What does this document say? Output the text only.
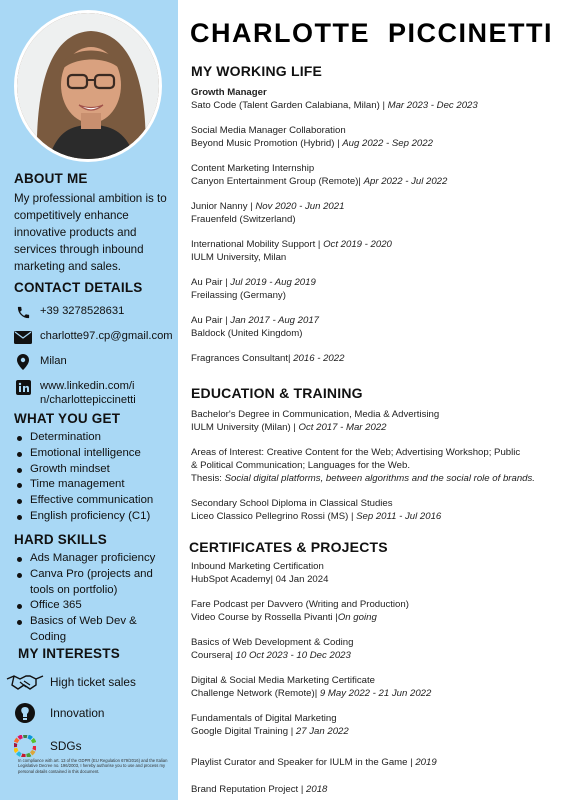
ABOUT ME

My professional ambition is to competitively enhance innovative products and services through inbound marketing and sales.

CONTACT DETAILS
+39 3278528631
charlotte97.cp@gmail.com
Milan
www.linkedin.com/i
n/charlottepiccinetti
WHAT YOU GET
Determination
Emotional intelligence
Growth mindset
Time management
Effective communication
English proficiency (C1)
HARD SKILLS
Ads Manager proficiency
Canva Pro (projects and tools on portfolio)
Office 365
Basics of Web Dev & Coding
MY INTERESTS
High ticket sales
Innovation
SDGs
In compliance with art. 13 of the GDPR (EU Regulation 679/2016) and the Italian Legislative Decree no. 196/2003, I hereby authorise you to use and process my personal details contained in this document.
CHARLOTTE  PICCINETTI
MY WORKING LIFE
Growth Manager
Sato Code (Talent Garden Calabiana, Milan) | Mar 2023 - Dec 2023
Social Media Manager Collaboration
Beyond Music Promotion (Hybrid) | Aug 2022 - Sep 2022
Content Marketing Internship
Canyon Entertainment Group (Remote)| Apr 2022 - Jul 2022
Junior Nanny | Nov 2020 - Jun 2021
Frauenfeld (Switzerland)
International Mobility Support | Oct 2019 - 2020
IULM University, Milan
Au Pair | Jul 2019 - Aug 2019
Freilassing (Germany)
Au Pair | Jan 2017 - Aug 2017
Baldock (United Kingdom)
Fragrances Consultant| 2016 - 2022
EDUCATION & TRAINING
Bachelor's Degree in Communication, Media & Advertising
IULM University (Milan) | Oct 2017 - Mar 2022
Areas of Interest: Creative Content for the Web; Advertising Workshop; Public
& Political Communication; Languages for the Web.
Thesis: Social digital platforms, between algorithms and the social role of brands.
Secondary School Diploma in Classical Studies
Liceo Classico Pellegrino Rossi (MS) | Sep 2011 - Jul 2016
CERTIFICATES & PROJECTS
Inbound Marketing Certification
HubSpot Academy| 04 Jan 2024
Fare Podcast per Davvero (Writing and Production)
Video Course by Rossella Pivanti |On going
Basics of Web Development & Coding
Coursera| 10 Oct 2023 - 10 Dec 2023
Digital & Social Media Marketing Certificate
Challenge Network (Remote)| 9 May 2022 - 21 Jun 2022
Fundamentals of Digital Marketing
Google Digital Training | 27 Jan 2022
Playlist Curator and Speaker for IULM in the Game | 2019
Brand Reputation Project | 2018
